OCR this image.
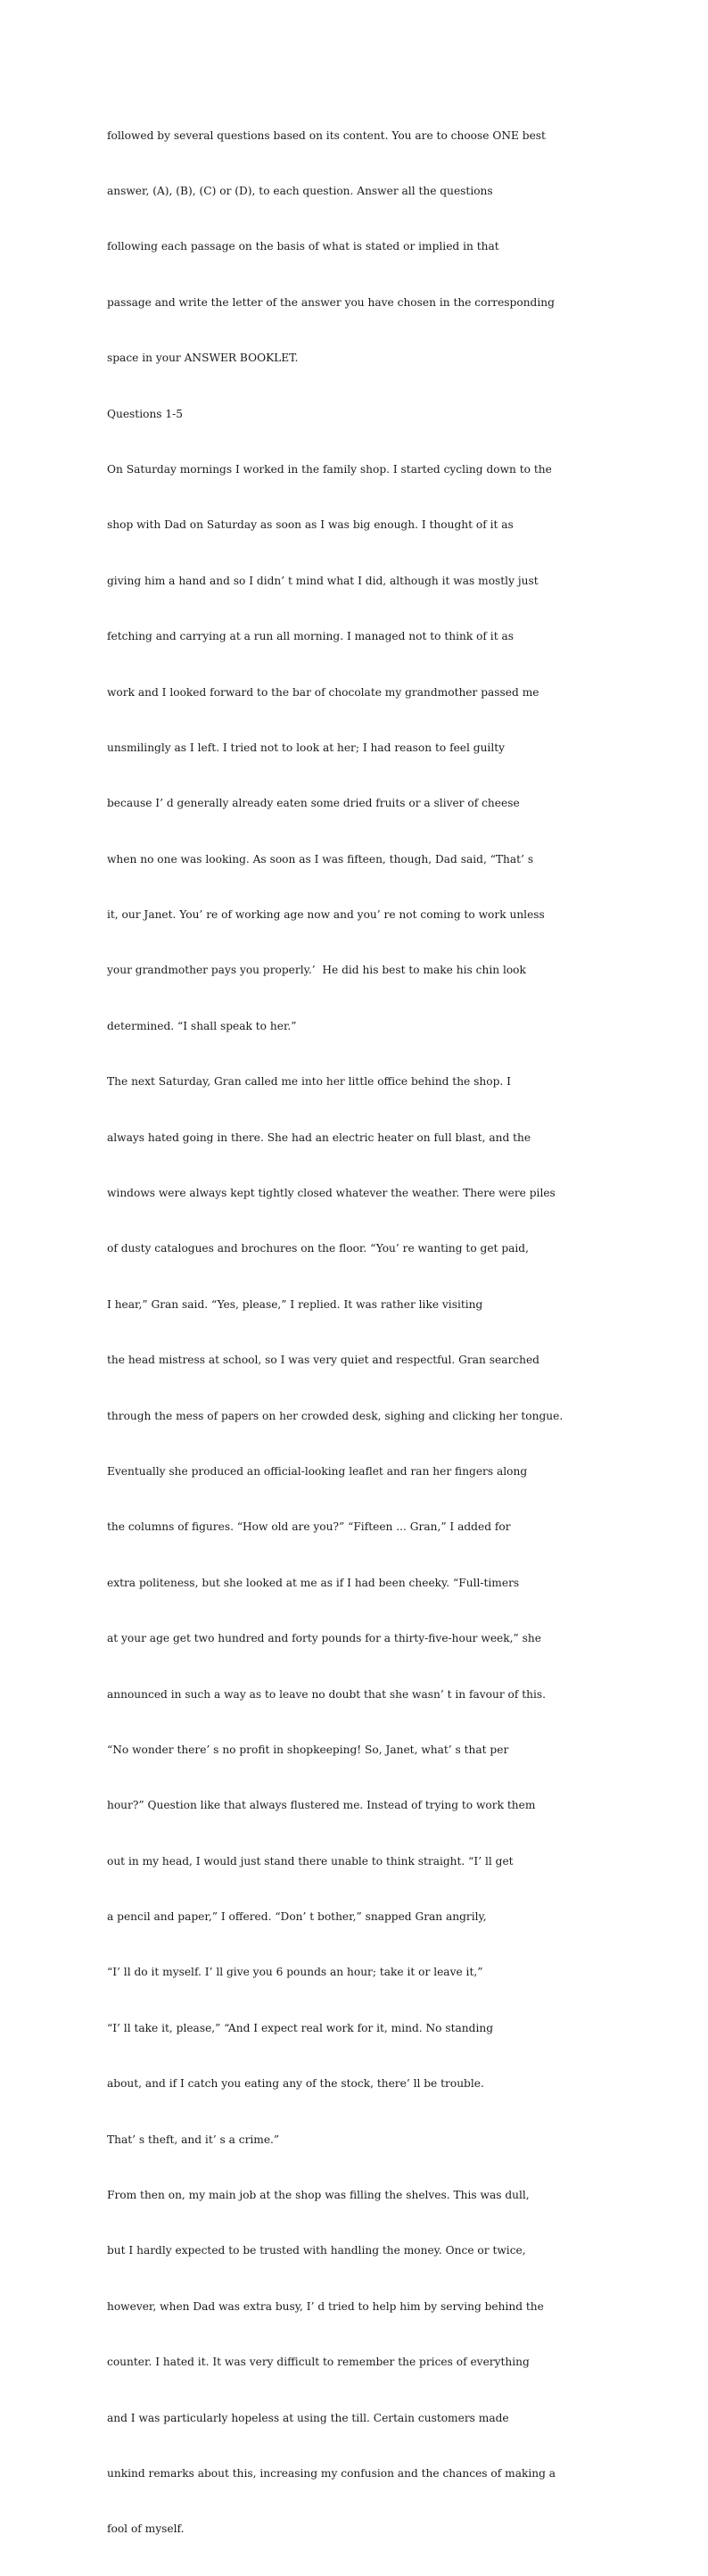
followed by several questions based on its content. You are to choose ONE best

answer, (A), (B), (C) or (D), to each question. Answer all the questions

following each passage on the basis of what is stated or implied in that

passage and write the letter of the answer you have chosen in the corresponding

space in your ANSWER BOOKLET.

Questions 1-5

On Saturday mornings I worked in the family shop. I started cycling down to the

shop with Dad on Saturday as soon as I was big enough. I thought of it as

giving him a hand and so I didn’ t mind what I did, although it was mostly just

fetching and carrying at a run all morning. I managed not to think of it as

work and I looked forward to the bar of chocolate my grandmother passed me

unsmilingly as I left. I tried not to look at her; I had reason to feel guilty

because I’ d generally already eaten some dried fruits or a sliver of cheese

when no one was looking. As soon as I was fifteen, though, Dad said, “That’ s

it, our Janet. You’ re of working age now and you’ re not coming to work unless

your grandmother pays you properly.’  He did his best to make his chin look

determined. “I shall speak to her.”

The next Saturday, Gran called me into her little office behind the shop. I

always hated going in there. She had an electric heater on full blast, and the

windows were always kept tightly closed whatever the weather. There were piles

of dusty catalogues and brochures on the floor. “You’ re wanting to get paid,

I hear,” Gran said. “Yes, please,” I replied. It was rather like visiting

the head mistress at school, so I was very quiet and respectful. Gran searched

through the mess of papers on her crowded desk, sighing and clicking her tongue.

Eventually she produced an official-looking leaflet and ran her fingers along

the columns of figures. “How old are you?” “Fifteen ... Gran,” I added for

extra politeness, but she looked at me as if I had been cheeky. “Full-timers

at your age get two hundred and forty pounds for a thirty-five-hour week,” she

announced in such a way as to leave no doubt that she wasn’ t in favour of this.

“No wonder there’ s no profit in shopkeeping! So, Janet, what’ s that per

hour?” Question like that always flustered me. Instead of trying to work them

out in my head, I would just stand there unable to think straight. “I’ ll get

a pencil and paper,” I offered. “Don’ t bother,” snapped Gran angrily,

“I’ ll do it myself. I’ ll give you 6 pounds an hour; take it or leave it,”

“I’ ll take it, please,” “And I expect real work for it, mind. No standing

about, and if I catch you eating any of the stock, there’ ll be trouble.

That’ s theft, and it’ s a crime.”

From then on, my main job at the shop was filling the shelves. This was dull,

but I hardly expected to be trusted with handling the money. Once or twice,

however, when Dad was extra busy, I’ d tried to help him by serving behind the

counter. I hated it. It was very difficult to remember the prices of everything

and I was particularly hopeless at using the till. Certain customers made

unkind remarks about this, increasing my confusion and the chances of making a

fool of myself.
